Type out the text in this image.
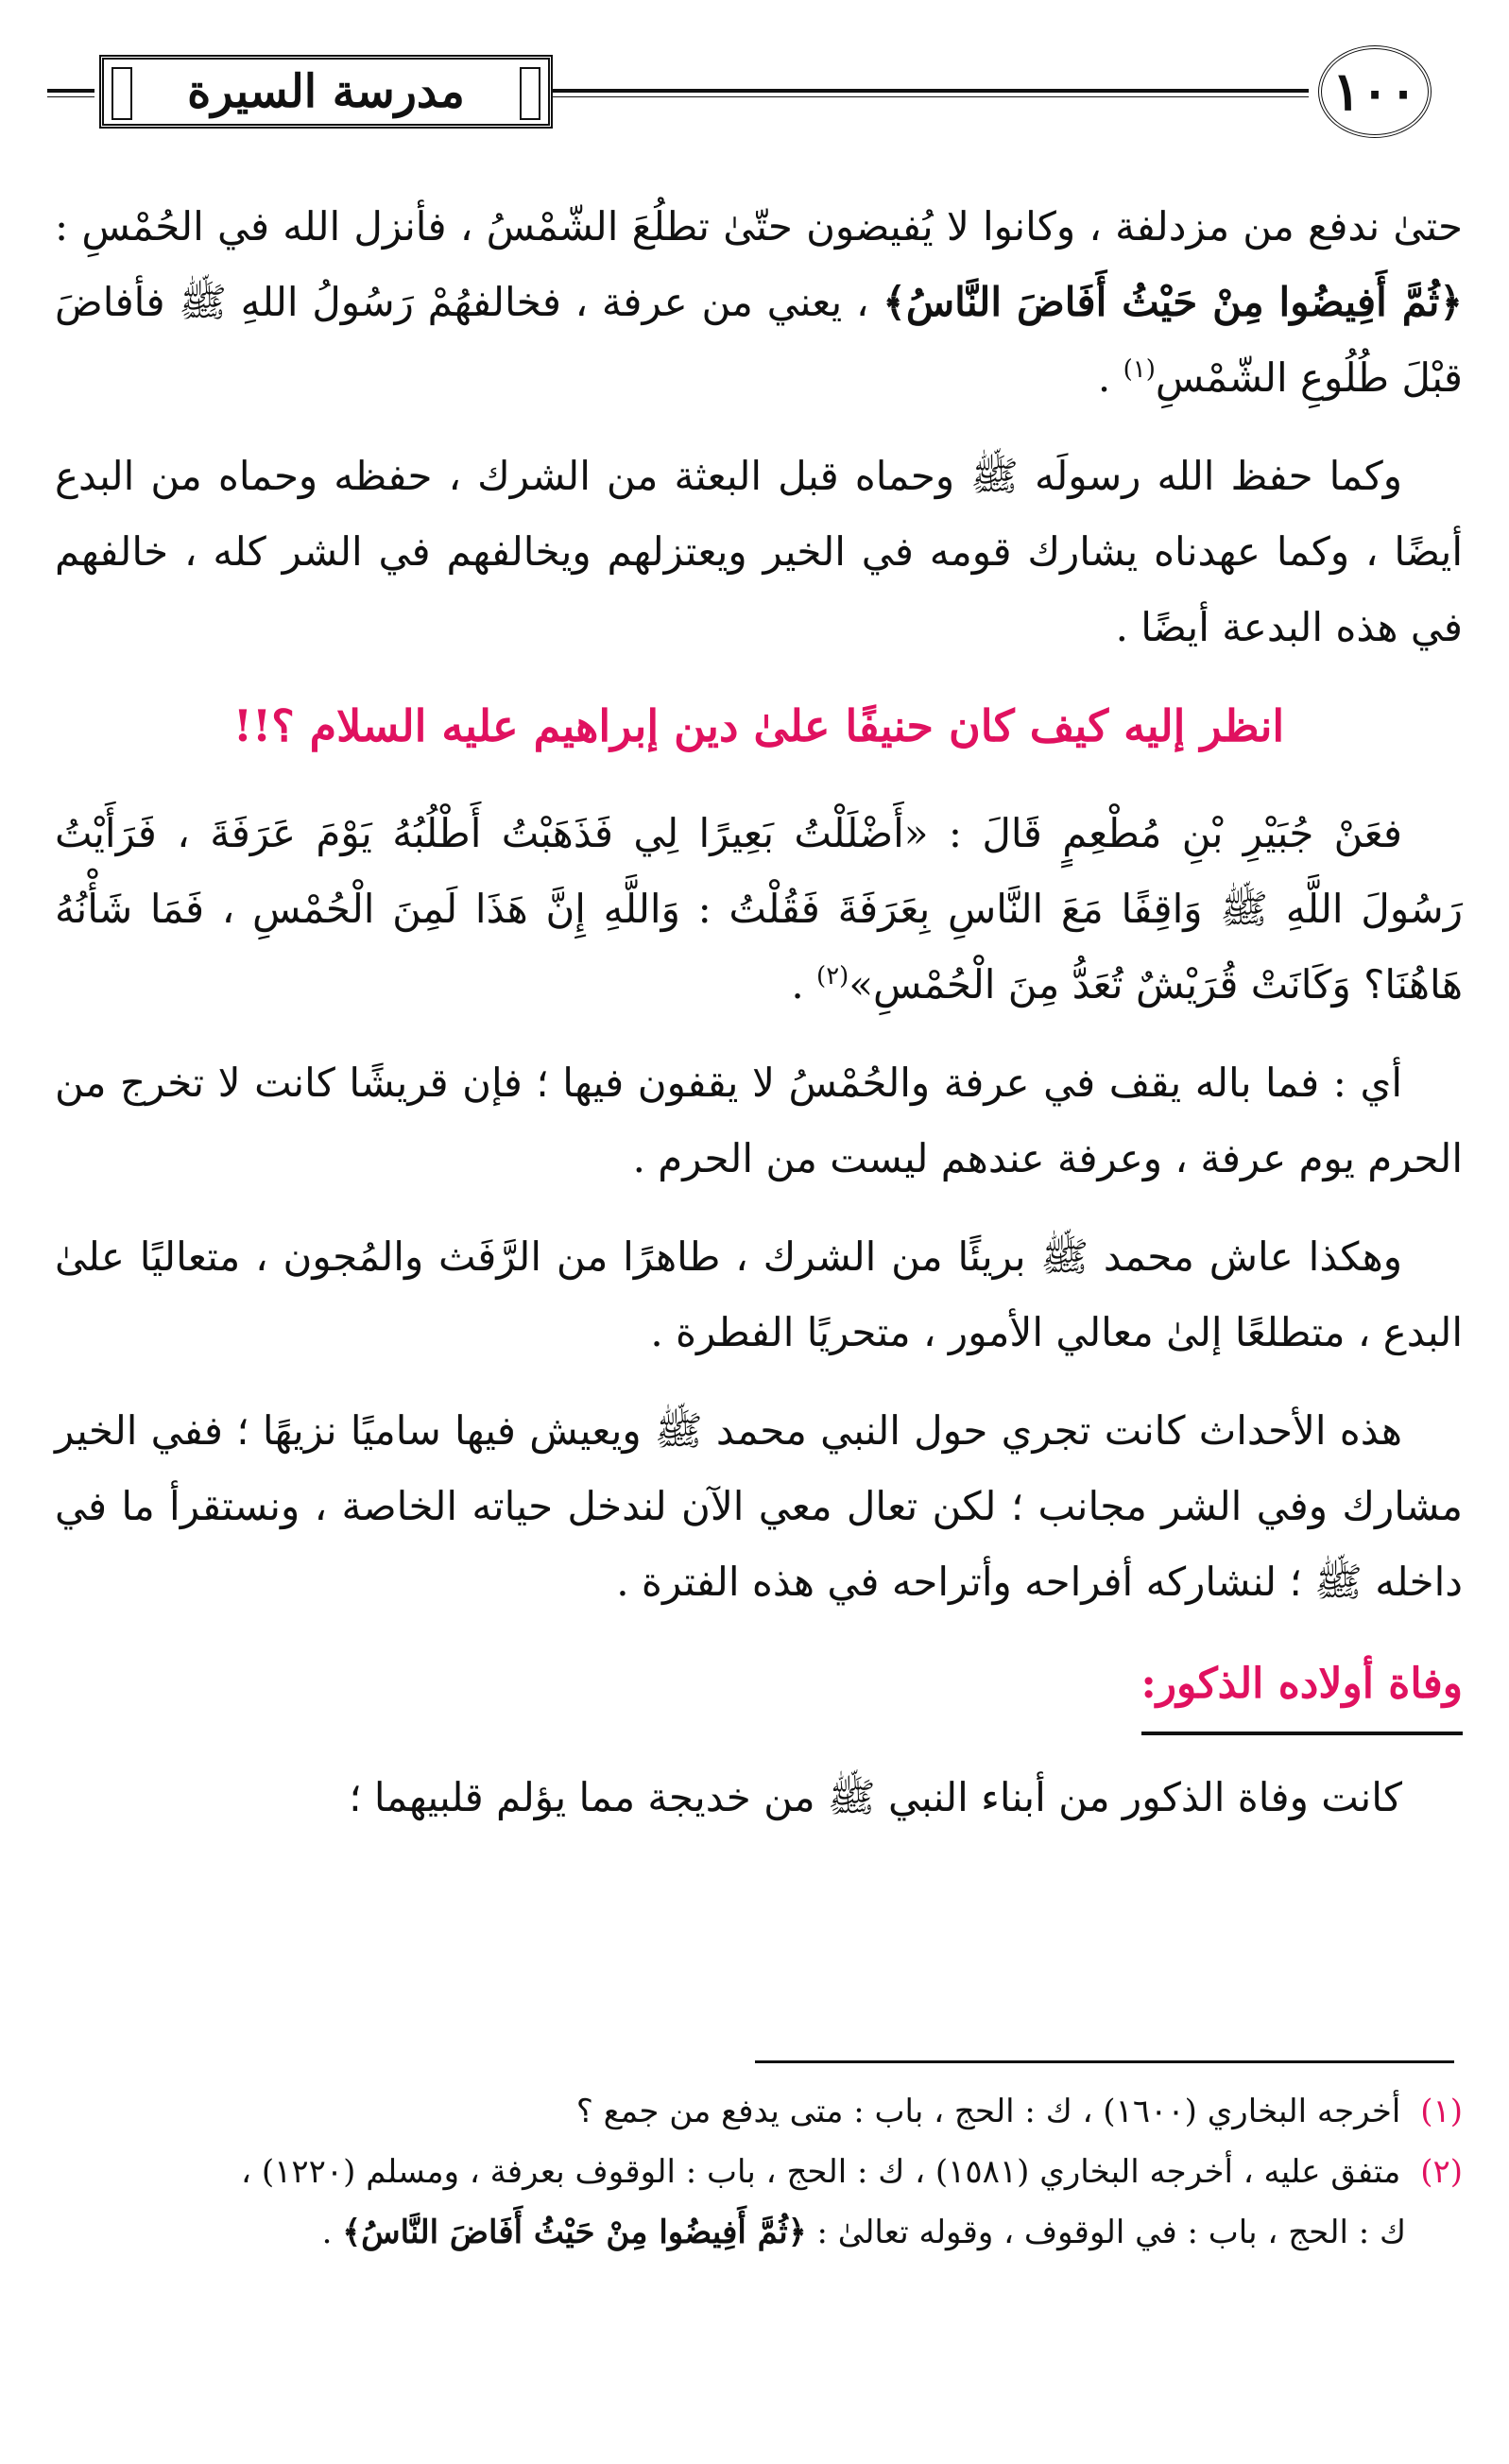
١٠٠
مدرسة السيرة

حتىٰ ندفع من مزدلفة ، وكانوا لا يُفيضون حتّىٰ تطلُعَ الشّمْسُ ، فأنزل الله في الحُمْسِ : ﴿ثُمَّ أَفِيضُوا مِنْ حَيْثُ أَفَاضَ النَّاسُ﴾ ، يعني من عرفة ، فخالفهُمْ رَسُولُ اللهِ ﷺ فأفاضَ قبْلَ طُلُوعِ الشّمْسِ$^{(١)}$ .

وكما حفظ الله رسولَه ﷺ وحماه قبل البعثة من الشرك ، حفظه وحماه من البدع أيضًا ، وكما عهدناه يشارك قومه في الخير ويعتزلهم ويخالفهم في الشر كله ، خالفهم في هذه البدعة أيضًا .

انظر إليه كيف كان حنيفًا علىٰ دين إبراهيم عليه السلام ؟!!

فعَنْ جُبَيْرِ بْنِ مُطْعِمٍ قَالَ : «أَضْلَلْتُ بَعِيرًا لِي فَذَهَبْتُ أَطْلُبُهُ يَوْمَ عَرَفَةَ ، فَرَأَيْتُ رَسُولَ اللَّهِ ﷺ وَاقِفًا مَعَ النَّاسِ بِعَرَفَةَ فَقُلْتُ : وَاللَّهِ إِنَّ هَذَا لَمِنَ الْحُمْسِ ، فَمَا شَأْنُهُ هَاهُنَا؟ وَكَانَتْ قُرَيْشٌ تُعَدُّ مِنَ الْحُمْسِ»$^{(٢)}$ .

أي : فما باله يقف في عرفة والحُمْسُ لا يقفون فيها ؛ فإن قريشًا كانت لا تخرج من الحرم يوم عرفة ، وعرفة عندهم ليست من الحرم .

وهكذا عاش محمد ﷺ بريئًا من الشرك ، طاهرًا من الرَّفَث والمُجون ، متعاليًا علىٰ البدع ، متطلعًا إلىٰ معالي الأمور ، متحريًا الفطرة .

هذه الأحداث كانت تجري حول النبي محمد ﷺ ويعيش فيها ساميًا نزيهًا ؛ ففي الخير مشارك وفي الشر مجانب ؛ لكن تعال معي الآن لندخل حياته الخاصة ، ونستقرأ ما في داخله ﷺ ؛ لنشاركه أفراحه وأتراحه في هذه الفترة .

وفاة أولاده الذكور:

كانت وفاة الذكور من أبناء النبي ﷺ من خديجة مما يؤلم قلبيهما ؛

(١) أخرجه البخاري (١٦٠٠) ، ك : الحج ، باب : متى يدفع من جمع ؟
(٢) متفق عليه ، أخرجه البخاري (١٥٨١) ، ك : الحج ، باب : الوقوف بعرفة ، ومسلم (١٢٢٠) ،
ك : الحج ، باب : في الوقوف ، وقوله تعالىٰ : ﴿ثُمَّ أَفِيضُوا مِنْ حَيْثُ أَفَاضَ النَّاسُ﴾ .
